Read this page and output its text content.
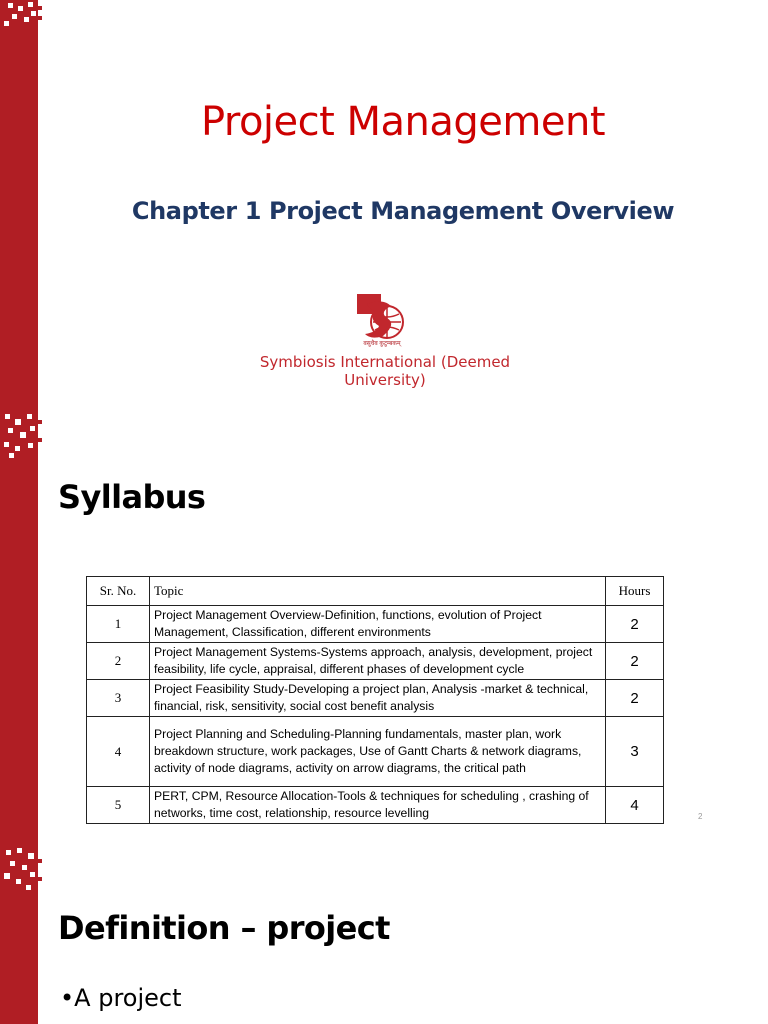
Project Management
Chapter 1 Project Management Overview
वसुधैव कुटुम्बकम्
Symbiosis International (Deemed University)
Syllabus
Sr. No.	Topic	Hours
1	Project Management Overview-Definition, functions, evolution of Project Management, Classification, different environments	2
2	Project Management Systems-Systems approach, analysis, development, project feasibility, life cycle, appraisal, different phases of development cycle	2
3	Project Feasibility Study-Developing a project plan, Analysis -market & technical, financial, risk, sensitivity, social cost benefit analysis	2
4	Project Planning and Scheduling-Planning fundamentals, master plan, work breakdown structure, work packages, Use of Gantt Charts & network diagrams, activity of node diagrams, activity on arrow diagrams, the critical path	3
5	PERT, CPM, Resource Allocation-Tools & techniques for scheduling , crashing of networks, time cost, relationship, resource levelling	4
2
Definition – project
•A project
